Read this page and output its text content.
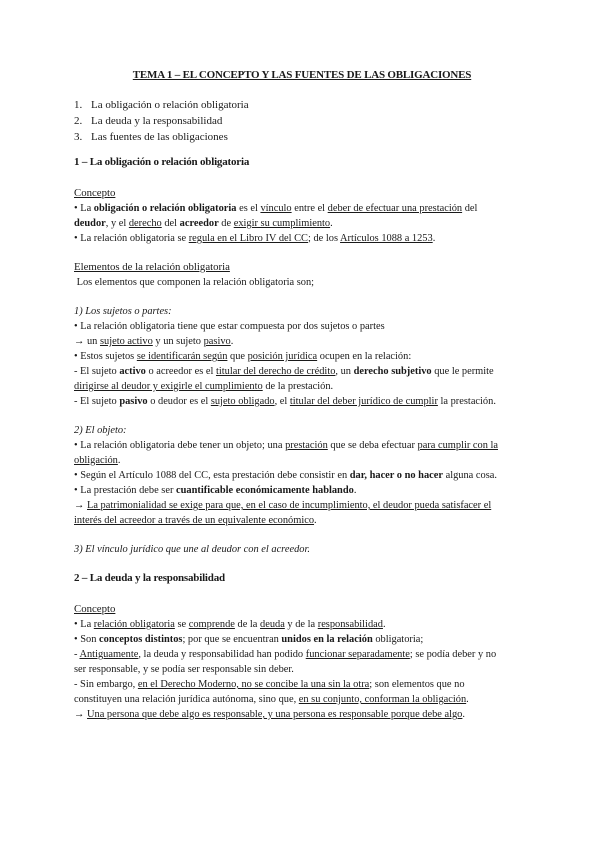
TEMA 1 – EL CONCEPTO Y LAS FUENTES DE LAS OBLIGACIONES
1. La obligación o relación obligatoria
2. La deuda y la responsabilidad
3. Las fuentes de las obligaciones
1 – La obligación o relación obligatoria
Concepto

• La obligación o relación obligatoria es el vínculo entre el deber de efectuar una prestación del

deudor, y el derecho del acreedor de exigir su cumplimiento.

• La relación obligatoria se regula en el Libro IV del CC; de los Artículos 1088 a 1253.

Elementos de la relación obligatoria

Los elementos que componen la relación obligatoria son;

1) Los sujetos o partes:

• La relación obligatoria tiene que estar compuesta por dos sujetos o partes

→ un sujeto activo y un sujeto pasivo.

• Estos sujetos se identificarán según que posición jurídica ocupen en la relación:

- El sujeto activo o acreedor es el titular del derecho de crédito, un derecho subjetivo que le permite

dirigirse al deudor y exigirle el cumplimiento de la prestación.

- El sujeto pasivo o deudor es el sujeto obligado, el titular del deber jurídico de cumplir la prestación.

2) El objeto:

• La relación obligatoria debe tener un objeto; una prestación que se deba efectuar para cumplir con la

obligación.

• Según el Artículo 1088 del CC, esta prestación debe consistir en dar, hacer o no hacer alguna cosa.

• La prestación debe ser cuantificable económicamente hablando.

→ La patrimonialidad se exige para que, en el caso de incumplimiento, el deudor pueda satisfacer el

interés del acreedor a través de un equivalente económico.

3) El vínculo jurídico que une al deudor con el acreedor.

2 – La deuda y la responsabilidad
Concepto

• La relación obligatoria se comprende de la deuda y de la responsabilidad.

• Son conceptos distintos; por que se encuentran unidos en la relación obligatoria;

- Antiguamente, la deuda y responsabilidad han podido funcionar separadamente; se podía deber y no

ser responsable, y se podía ser responsable sin deber.

- Sin embargo, en el Derecho Moderno, no se concibe la una sin la otra; son elementos que no

constituyen una relación jurídica autónoma, sino que, en su conjunto, conforman la obligación.

→ Una persona que debe algo es responsable, y una persona es responsable porque debe algo.
